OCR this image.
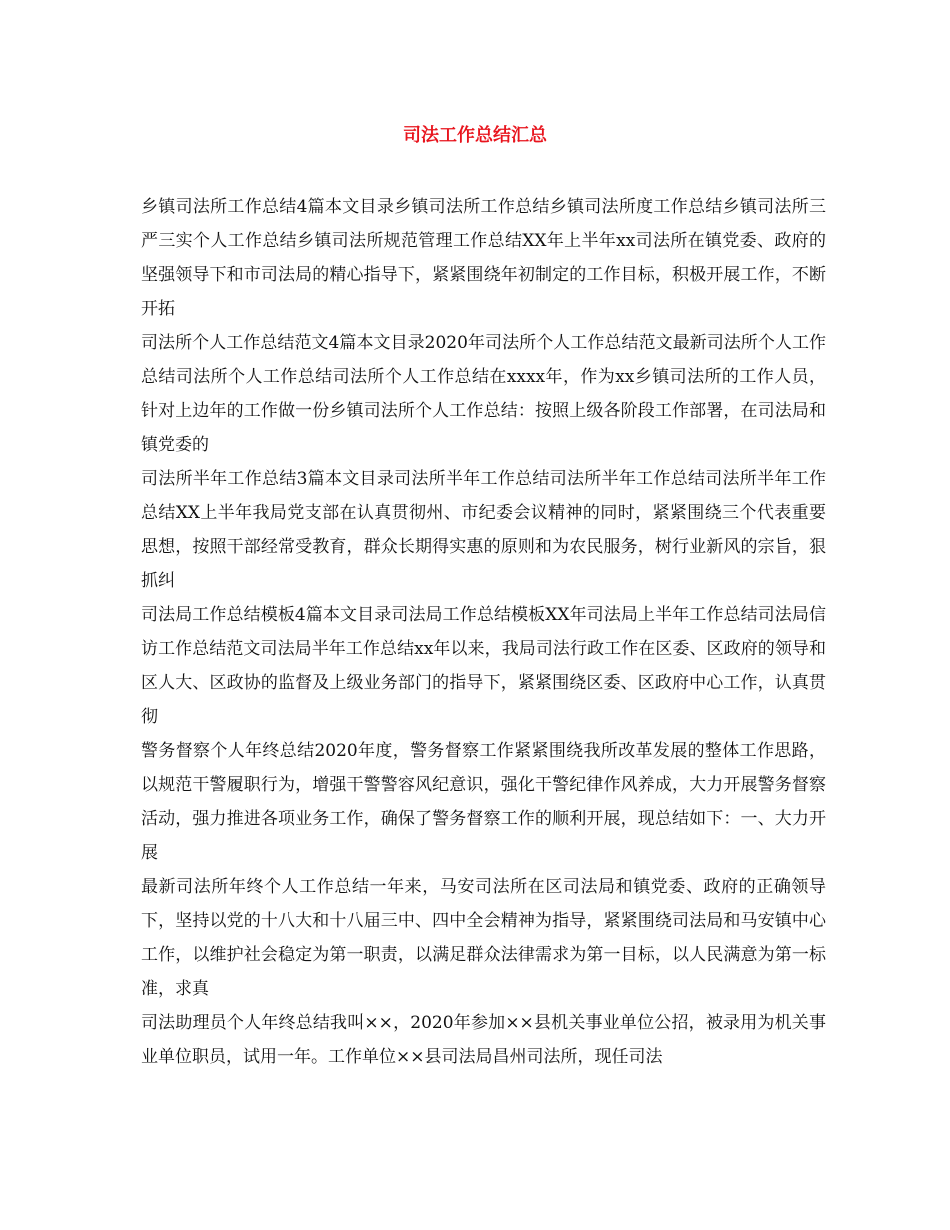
司法工作总结汇总

乡镇司法所工作总结4篇本文目录乡镇司法所工作总结乡镇司法所度工作总结乡镇司法所三严三实个人工作总结乡镇司法所规范管理工作总结XX年上半年xx司法所在镇党委、政府的坚强领导下和市司法局的精心指导下，紧紧围绕年初制定的工作目标，积极开展工作，不断开拓

司法所个人工作总结范文4篇本文目录2020年司法所个人工作总结范文最新司法所个人工作总结司法所个人工作总结司法所个人工作总结在xxxx年，作为xx乡镇司法所的工作人员，针对上边年的工作做一份乡镇司法所个人工作总结：按照上级各阶段工作部署，在司法局和镇党委的

司法所半年工作总结3篇本文目录司法所半年工作总结司法所半年工作总结司法所半年工作总结XX上半年我局党支部在认真贯彻州、市纪委会议精神的同时，紧紧围绕三个代表重要思想，按照干部经常受教育，群众长期得实惠的原则和为农民服务，树行业新风的宗旨，狠抓纠

司法局工作总结模板4篇本文目录司法局工作总结模板XX年司法局上半年工作总结司法局信访工作总结范文司法局半年工作总结xx年以来，我局司法行政工作在区委、区政府的领导和区人大、区政协的监督及上级业务部门的指导下，紧紧围绕区委、区政府中心工作，认真贯彻

警务督察个人年终总结2020年度，警务督察工作紧紧围绕我所改革发展的整体工作思路，以规范干警履职行为，增强干警警容风纪意识，强化干警纪律作风养成，大力开展警务督察活动，强力推进各项业务工作，确保了警务督察工作的顺利开展，现总结如下：一、大力开展

最新司法所年终个人工作总结一年来，马安司法所在区司法局和镇党委、政府的正确领导下，坚持以党的十八大和十八届三中、四中全会精神为指导，紧紧围绕司法局和马安镇中心工作，以维护社会稳定为第一职责，以满足群众法律需求为第一目标，以人民满意为第一标准，求真

司法助理员个人年终总结我叫××，2020年参加××县机关事业单位公招，被录用为机关事业单位职员，试用一年。工作单位××县司法局昌州司法所，现任司法
